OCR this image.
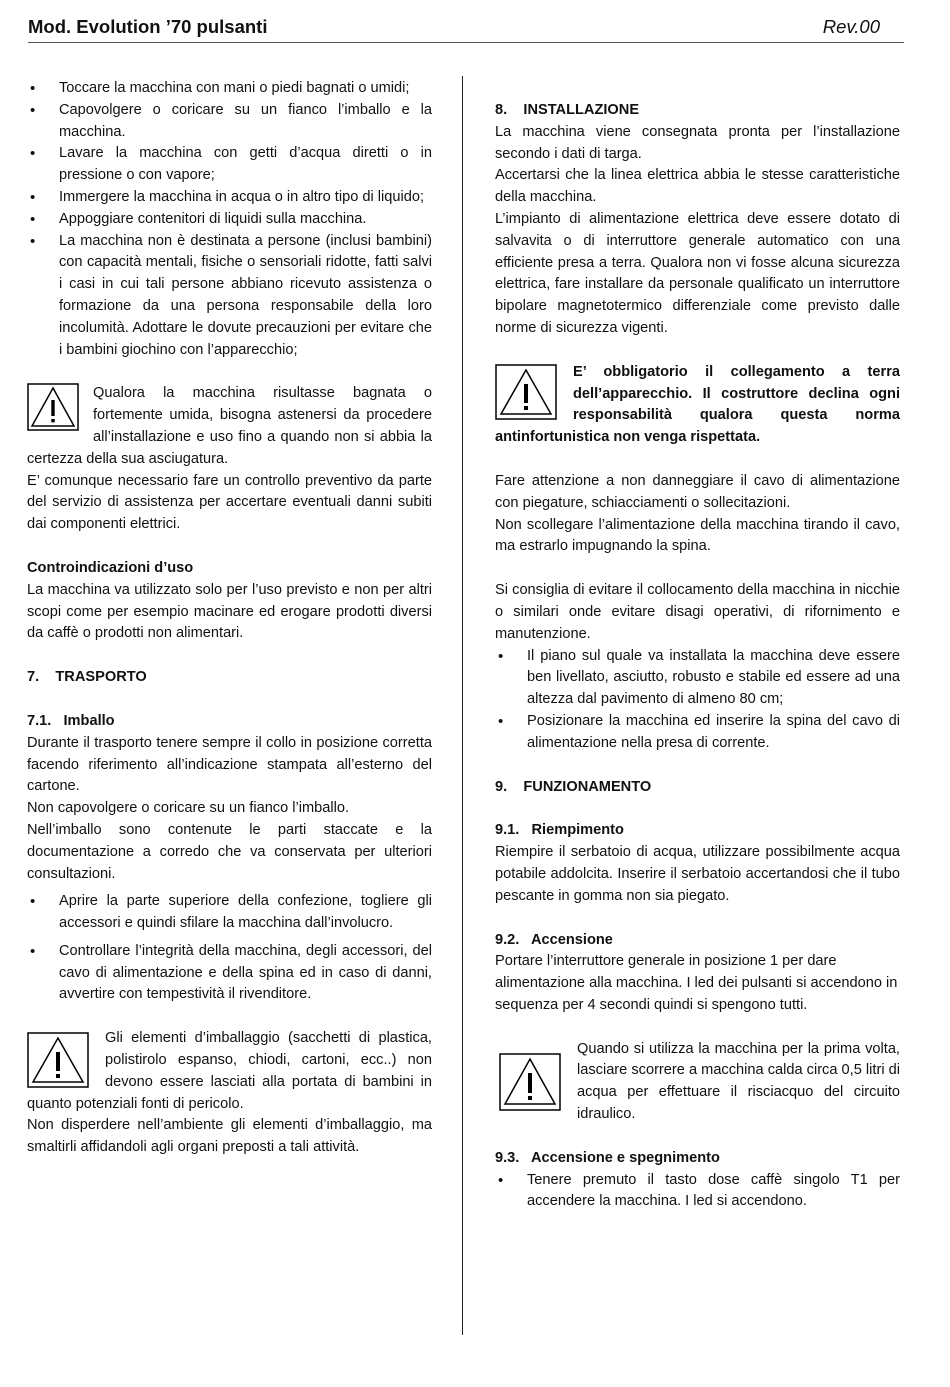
Mod. Evolution ’70 pulsanti	Rev.00
• Toccare la macchina con mani o piedi bagnati o umidi;
• Capovolgere o coricare su un fianco l’imballo e la macchina.
• Lavare la macchina con getti d’acqua diretti o in pressione o con vapore;
• Immergere la macchina in acqua o in altro tipo di liquido;
• Appoggiare contenitori di liquidi sulla macchina.
• La macchina non è destinata a persone (inclusi bambini) con capacità mentali, fisiche o sensoriali ridotte, fatti salvi i casi in cui tali persone abbiano ricevuto assistenza o formazione da una persona responsabile della loro incolumità. Adottare le dovute precauzioni per evitare che i bambini giochino con l’apparecchio;

Qualora la macchina risultasse bagnata o fortemente umida, bisogna astenersi da procedere all’installazione e uso fino a quando non si abbia la certezza della sua asciugatura.

E’ comunque necessario fare un controllo preventivo da parte del servizio di assistenza per accertare eventuali danni subiti dai componenti elettrici.

Controindicazioni d’uso

La macchina va utilizzato solo per l’uso previsto e non per altri scopi come per esempio macinare ed erogare prodotti diversi da caffè o prodotti non alimentari.

7.    TRASPORTO
7.1.   Imballo

Durante il trasporto tenere sempre il collo in posizione corretta facendo riferimento all’indicazione stampata all’esterno del cartone.

Non capovolgere o coricare su un fianco l’imballo.

Nell’imballo sono contenute le parti staccate e la documentazione a corredo che va conservata per ulteriori consultazioni.

• Aprire la parte superiore della confezione, togliere gli accessori e quindi sfilare la macchina dall’involucro.
• Controllare l’integrità della macchina, degli accessori, del cavo di alimentazione e della spina ed in caso di danni, avvertire con tempestività il rivenditore.

Gli elementi d’imballaggio (sacchetti di plastica, polistirolo espanso, chiodi, cartoni, ecc..) non devono essere lasciati alla portata di bambini in quanto potenziali fonti di pericolo.

Non disperdere nell’ambiente gli elementi d’imballaggio, ma smaltirli affidandoli agli organi preposti a tali attività.

8.    INSTALLAZIONE

La macchina viene consegnata pronta per l’installazione secondo i dati di targa.

Accertarsi che la linea elettrica abbia le stesse caratteristiche della macchina.

L’impianto di alimentazione elettrica deve essere dotato di salvavita o di interruttore generale automatico con una efficiente presa a terra. Qualora non vi fosse alcuna sicurezza elettrica, fare installare da personale qualificato un interruttore bipolare magnetotermico differenziale come previsto dalle norme di sicurezza vigenti.

E’ obbligatorio il collegamento a terra dell’apparecchio. Il costruttore declina ogni responsabilità qualora questa norma antinfortunistica non venga rispettata.

Fare attenzione a non danneggiare il cavo di alimentazione con piegature, schiacciamenti o sollecitazioni.

Non scollegare l’alimentazione della macchina tirando il cavo, ma estrarlo impugnando la spina.

Si consiglia di evitare il collocamento della macchina in nicchie o similari onde evitare disagi operativi, di rifornimento e manutenzione.

• Il piano sul quale va installata la macchina deve essere ben livellato, asciutto, robusto e stabile ed essere ad una altezza dal pavimento di almeno 80 cm;
• Posizionare la macchina ed inserire la spina del cavo di alimentazione nella presa di corrente.
9.    FUNZIONAMENTO
9.1.   Riempimento

Riempire il serbatoio di acqua, utilizzare possibilmente acqua potabile addolcita. Inserire il serbatoio accertandosi che il tubo pescante in gomma non sia piegato.

9.2.   Accensione

Portare l’interruttore generale in posizione 1 per dare alimentazione alla macchina. I led dei pulsanti si accendono in sequenza per 4 secondi quindi si spengono tutti.

Quando si utilizza la macchina per la prima volta, lasciare scorrere a macchina calda circa 0,5 litri di acqua per effettuare il risciacquo del circuito idraulico.

9.3.   Accensione e spegnimento
• Tenere premuto il tasto dose caffè singolo T1 per accendere la macchina. I led si accendono.
